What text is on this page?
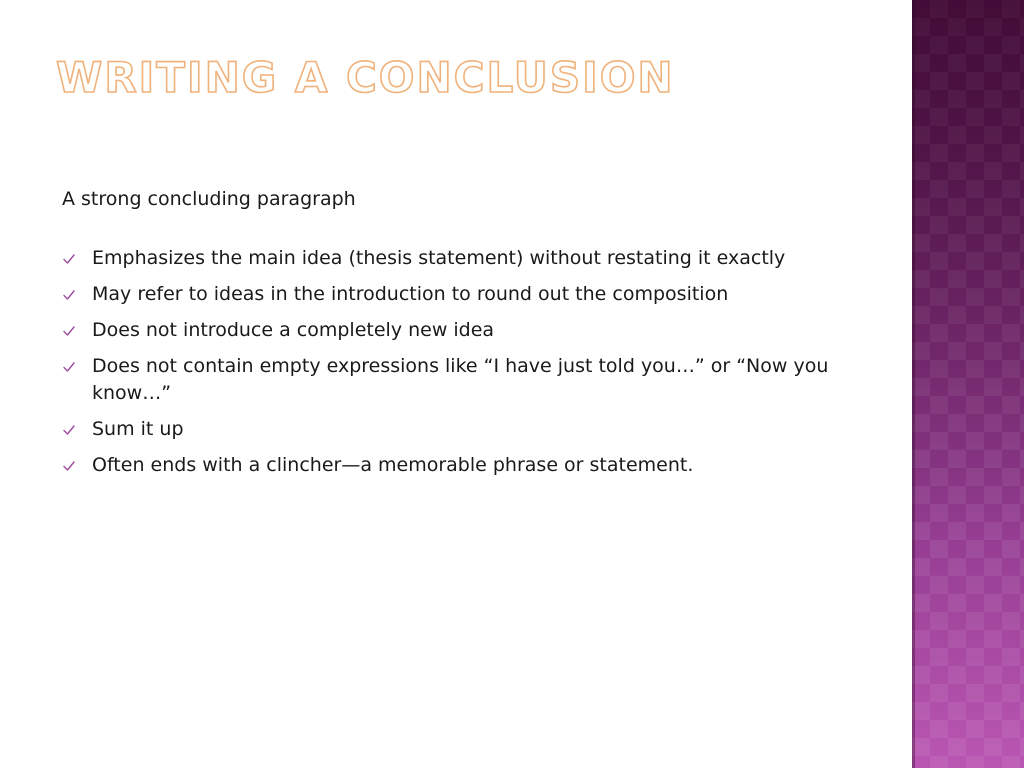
WRITING A CONCLUSION

A strong concluding paragraph

Emphasizes the main idea (thesis statement) without restating it exactly
May refer to ideas in the introduction to round out the composition
Does not introduce a completely new idea
Does not contain empty expressions like “I have just told you…” or “Now you know…”
Sum it up
Often ends with a clincher—a memorable phrase or statement.
